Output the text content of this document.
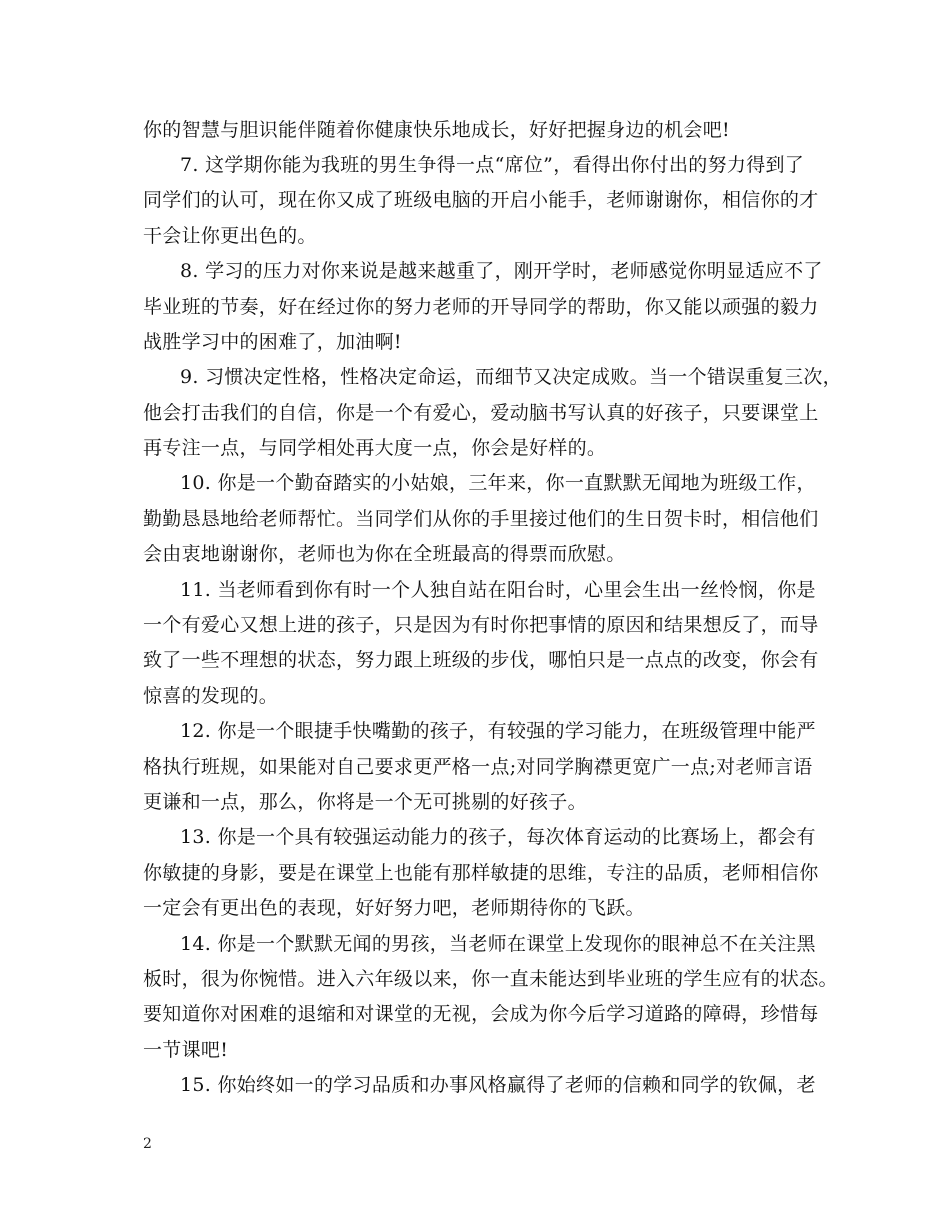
你的智慧与胆识能伴随着你健康快乐地成长，好好把握身边的机会吧!
7. 这学期你能为我班的男生争得一点“席位”，看得出你付出的努力得到了
同学们的认可，现在你又成了班级电脑的开启小能手，老师谢谢你，相信你的才
干会让你更出色的。
8. 学习的压力对你来说是越来越重了，刚开学时，老师感觉你明显适应不了
毕业班的节奏，好在经过你的努力老师的开导同学的帮助，你又能以顽强的毅力
战胜学习中的困难了，加油啊!
9. 习惯决定性格，性格决定命运，而细节又决定成败。当一个错误重复三次，
他会打击我们的自信，你是一个有爱心，爱动脑书写认真的好孩子，只要课堂上
再专注一点，与同学相处再大度一点，你会是好样的。
10. 你是一个勤奋踏实的小姑娘，三年来，你一直默默无闻地为班级工作，
勤勤恳恳地给老师帮忙。当同学们从你的手里接过他们的生日贺卡时，相信他们
会由衷地谢谢你，老师也为你在全班最高的得票而欣慰。
11. 当老师看到你有时一个人独自站在阳台时，心里会生出一丝怜悯，你是
一个有爱心又想上进的孩子，只是因为有时你把事情的原因和结果想反了，而导
致了一些不理想的状态，努力跟上班级的步伐，哪怕只是一点点的改变，你会有
惊喜的发现的。
12. 你是一个眼捷手快嘴勤的孩子，有较强的学习能力，在班级管理中能严
格执行班规，如果能对自己要求更严格一点;对同学胸襟更宽广一点;对老师言语
更谦和一点，那么，你将是一个无可挑剔的好孩子。
13. 你是一个具有较强运动能力的孩子，每次体育运动的比赛场上，都会有
你敏捷的身影，要是在课堂上也能有那样敏捷的思维，专注的品质，老师相信你
一定会有更出色的表现，好好努力吧，老师期待你的飞跃。
14. 你是一个默默无闻的男孩，当老师在课堂上发现你的眼神总不在关注黑
板时，很为你惋惜。进入六年级以来，你一直未能达到毕业班的学生应有的状态。
要知道你对困难的退缩和对课堂的无视，会成为你今后学习道路的障碍，珍惜每
一节课吧!
15. 你始终如一的学习品质和办事风格赢得了老师的信赖和同学的钦佩，老
2
